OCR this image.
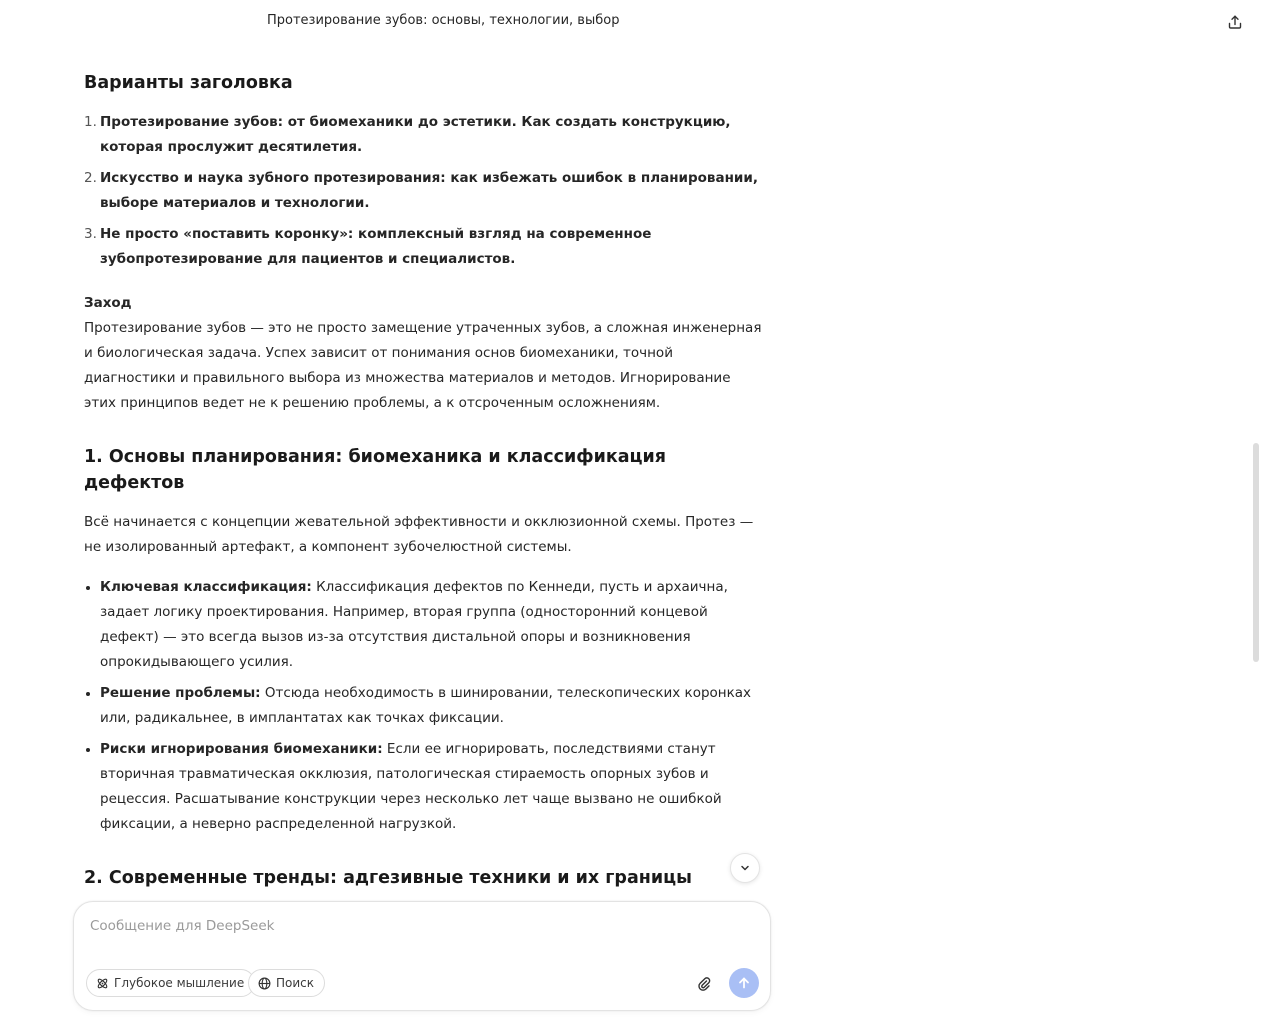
Протезирование зубов: основы, технологии, выбор
Варианты заголовка
1. Протезирование зубов: от биомеханики до эстетики. Как создать конструкцию, которая прослужит десятилетия.
2. Искусство и наука зубного протезирования: как избежать ошибок в планировании, выборе материалов и технологии.
3. Не просто «поставить коронку»: комплексный взгляд на современное зубопротезирование для пациентов и специалистов.
Заход

Протезирование зубов — это не просто замещение утраченных зубов, а сложная инженерная и биологическая задача. Успех зависит от понимания основ биомеханики, точной диагностики и правильного выбора из множества материалов и методов. Игнорирование этих принципов ведет не к решению проблемы, а к отсроченным осложнениям.

1. Основы планирования: биомеханика и классификация дефектов

Всё начинается с концепции жевательной эффективности и окклюзионной схемы. Протез — не изолированный артефакт, а компонент зубочелюстной системы.

Ключевая классификация: Классификация дефектов по Кеннеди, пусть и архаична, задает логику проектирования. Например, вторая группа (односторонний концевой дефект) — это всегда вызов из-за отсутствия дистальной опоры и возникновения опрокидывающего усилия.
Решение проблемы: Отсюда необходимость в шинировании, телескопических коронках или, радикальнее, в имплантатах как точках фиксации.
Риски игнорирования биомеханики: Если ее игнорировать, последствиями станут вторичная травматическая окклюзия, патологическая стираемость опорных зубов и рецессия. Расшатывание конструкции через несколько лет чаще вызвано не ошибкой фиксации, а неверно распределенной нагрузкой.
2. Современные тренды: адгезивные техники и их границы

Сообщение для DeepSeek
Глубокое мышление	Поиск
